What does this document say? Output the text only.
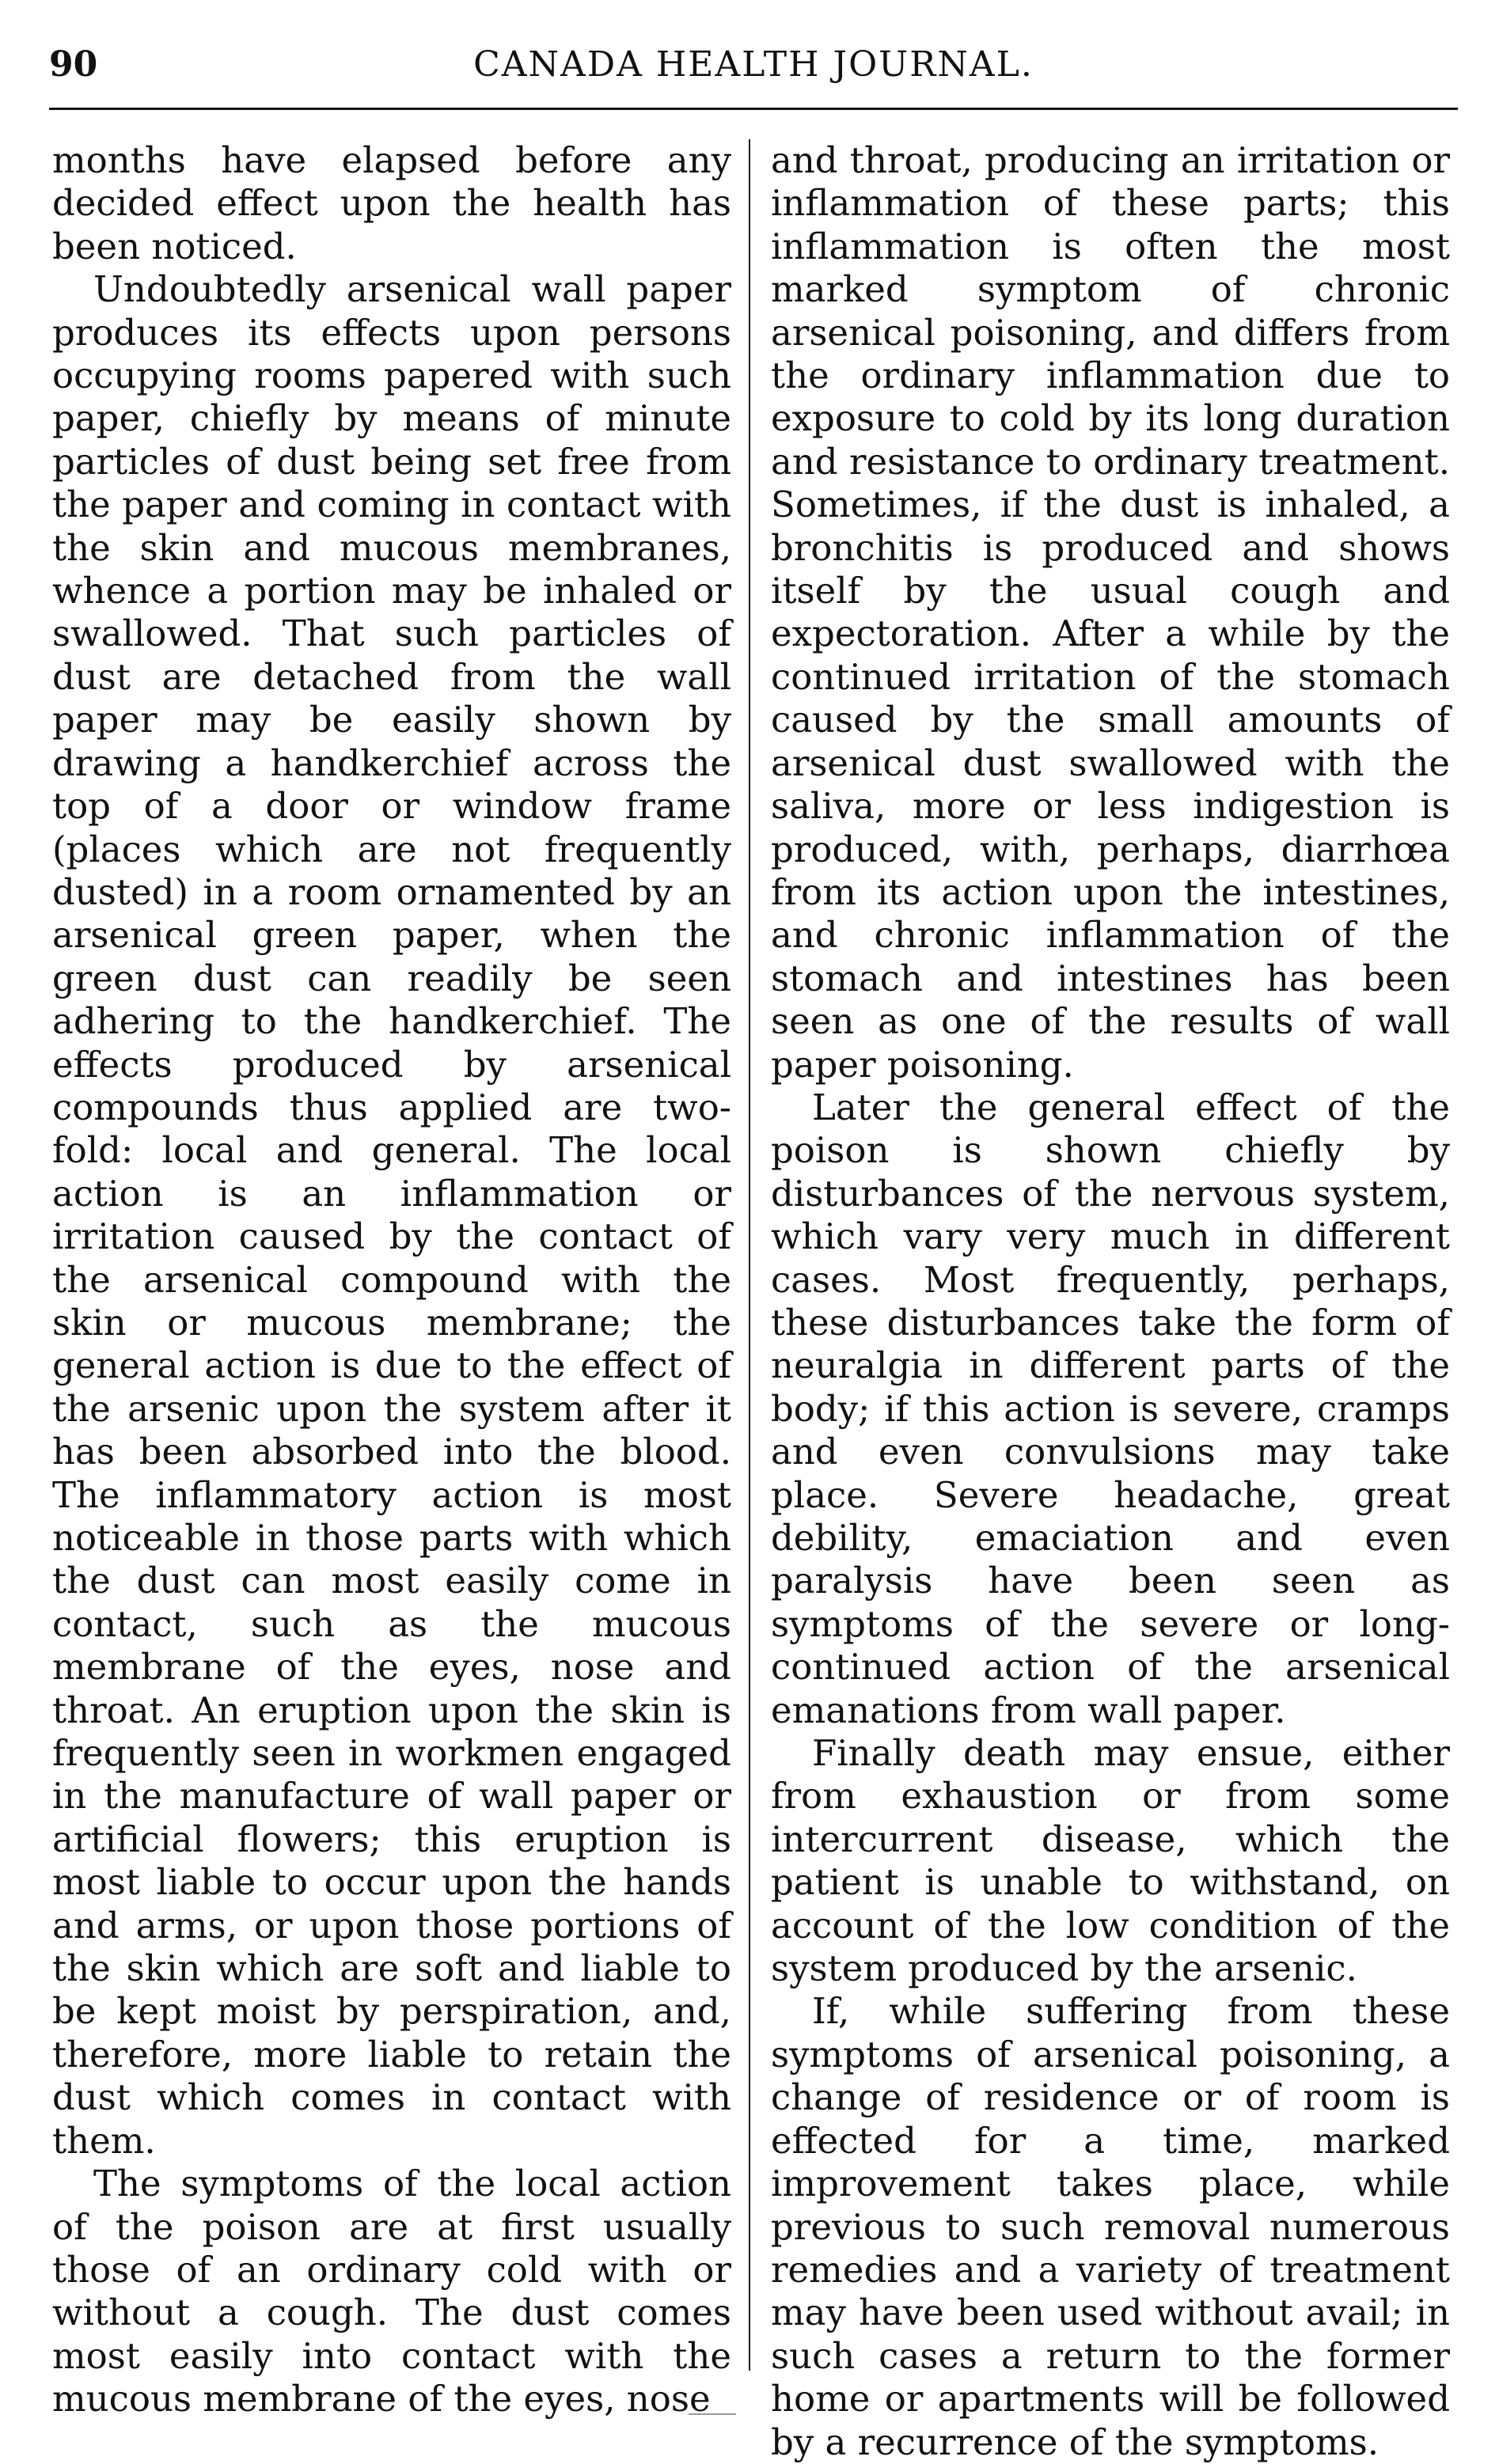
90	CANADA HEALTH JOURNAL.

months have elapsed before any decided effect upon the health has been noticed.

Undoubtedly arsenical wall paper produces its effects upon persons occupying rooms papered with such paper, chiefly by means of minute particles of dust being set free from the paper and coming in contact with the skin and mucous membranes, whence a portion may be inhaled or swallowed. That such particles of dust are detached from the wall paper may be easily shown by drawing a handkerchief across the top of a door or window frame (places which are not frequently dusted) in a room ornamented by an arsenical green paper, when the green dust can readily be seen adhering to the handkerchief. The effects produced by arsenical compounds thus applied are two-fold: local and general. The local action is an inflammation or irritation caused by the contact of the arsenical compound with the skin or mucous membrane; the general action is due to the effect of the arsenic upon the system after it has been absorbed into the blood. The inflammatory action is most noticeable in those parts with which the dust can most easily come in contact, such as the mucous membrane of the eyes, nose and throat. An eruption upon the skin is frequently seen in workmen engaged in the manufacture of wall paper or artificial flowers; this eruption is most liable to occur upon the hands and arms, or upon those portions of the skin which are soft and liable to be kept moist by perspiration, and, therefore, more liable to retain the dust which comes in contact with them.

The symptoms of the local action of the poison are at first usually those of an ordinary cold with or without a cough. The dust comes most easily into contact with the mucous membrane of the eyes, nose

and throat, producing an irritation or inflammation of these parts; this inflammation is often the most marked symptom of chronic arsenical poisoning, and differs from the ordinary inflammation due to exposure to cold by its long duration and resistance to ordinary treatment. Sometimes, if the dust is inhaled, a bronchitis is produced and shows itself by the usual cough and expectoration. After a while by the continued irritation of the stomach caused by the small amounts of arsenical dust swallowed with the saliva, more or less indigestion is produced, with, perhaps, diarrhœa from its action upon the intestines, and chronic inflammation of the stomach and intestines has been seen as one of the results of wall paper poisoning.

Later the general effect of the poison is shown chiefly by disturbances of the nervous system, which vary very much in different cases. Most frequently, perhaps, these disturbances take the form of neuralgia in different parts of the body; if this action is severe, cramps and even convulsions may take place. Severe headache, great debility, emaciation and even paralysis have been seen as symptoms of the severe or long-continued action of the arsenical emanations from wall paper.

Finally death may ensue, either from exhaustion or from some intercurrent disease, which the patient is unable to withstand, on account of the low condition of the system produced by the arsenic.

If, while suffering from these symptoms of arsenical poisoning, a change of residence or of room is effected for a time, marked improvement takes place, while previous to such removal numerous remedies and a variety of treatment may have been used without avail; in such cases a return to the former home or apartments will be followed by a recurrence of the symptoms.
